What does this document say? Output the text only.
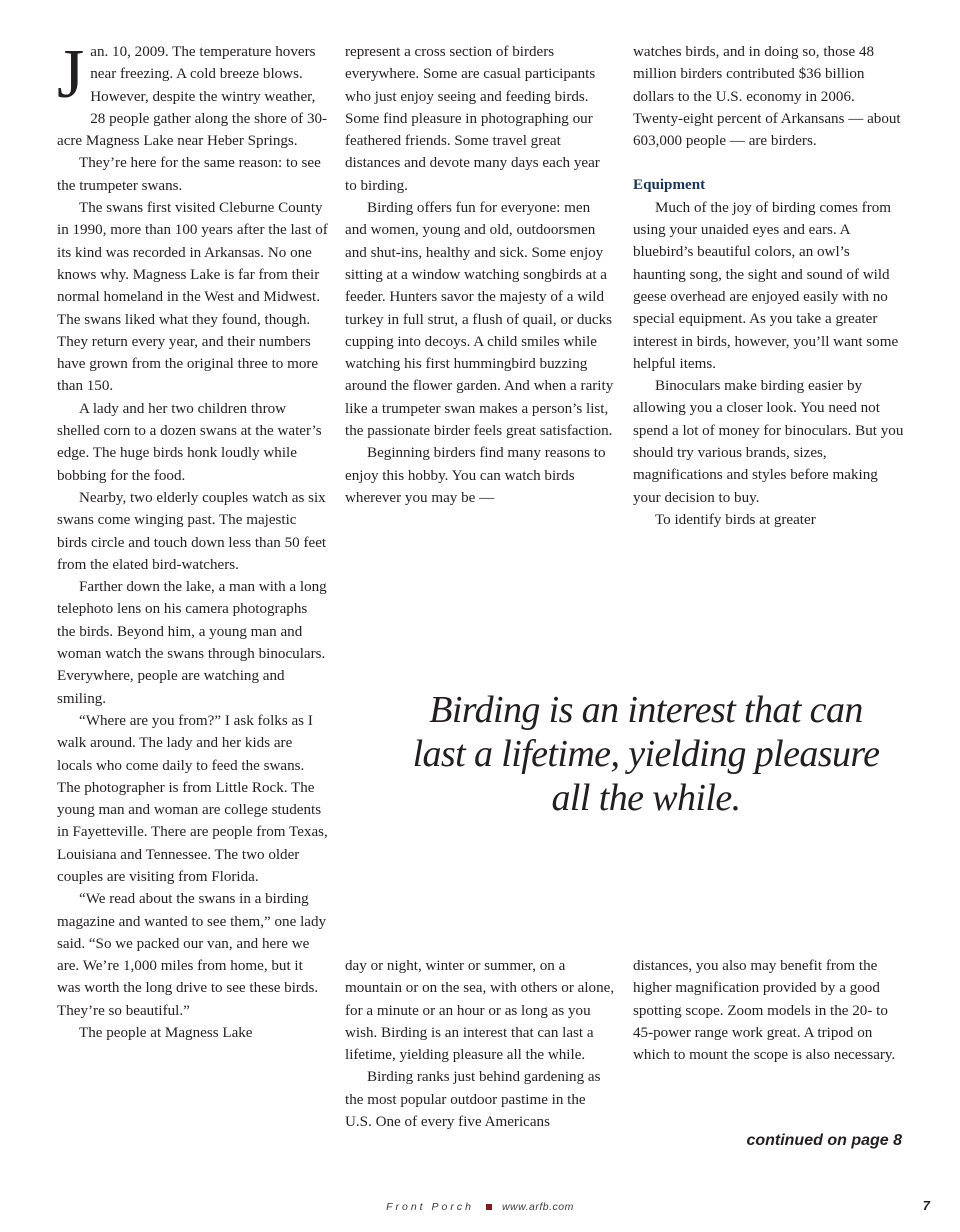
Jan. 10, 2009. The temperature hovers near freezing. A cold breeze blows. However, despite the wintry weather, 28 people gather along the shore of 30-acre Magness Lake near Heber Springs.

They’re here for the same reason: to see the trumpeter swans.

The swans first visited Cleburne County in 1990, more than 100 years after the last of its kind was recorded in Arkansas. No one knows why. Magness Lake is far from their normal homeland in the West and Midwest. The swans liked what they found, though. They return every year, and their numbers have grown from the original three to more than 150.

A lady and her two children throw shelled corn to a dozen swans at the water’s edge. The huge birds honk loudly while bobbing for the food.

Nearby, two elderly couples watch as six swans come winging past. The majestic birds circle and touch down less than 50 feet from the elated bird-watchers.

Farther down the lake, a man with a long telephoto lens on his camera photographs the birds. Beyond him, a young man and woman watch the swans through binoculars. Everywhere, people are watching and smiling.

“Where are you from?” I ask folks as I walk around. The lady and her kids are locals who come daily to feed the swans. The photographer is from Little Rock. The young man and woman are college students in Fayetteville. There are people from Texas, Louisiana and Tennessee. The two older couples are visiting from Florida.

“We read about the swans in a birding magazine and wanted to see them,” one lady said. “So we packed our van, and here we are. We’re 1,000 miles from home, but it was worth the long drive to see these birds. They’re so beautiful.”

The people at Magness Lake

represent a cross section of birders everywhere. Some are casual participants who just enjoy seeing and feeding birds. Some find pleasure in photographing our feathered friends. Some travel great distances and devote many days each year to birding.

Birding offers fun for everyone: men and women, young and old, outdoorsmen and shut-ins, healthy and sick. Some enjoy sitting at a window watching songbirds at a feeder. Hunters savor the majesty of a wild turkey in full strut, a flush of quail, or ducks cupping into decoys. A child smiles while watching his first hummingbird buzzing around the flower garden. And when a rarity like a trumpeter swan makes a person’s list, the passionate birder feels great satisfaction.

Beginning birders find many reasons to enjoy this hobby. You can watch birds wherever you may be —

watches birds, and in doing so, those 48 million birders contributed $36 billion dollars to the U.S. economy in 2006. Twenty-eight percent of Arkansans — about 603,000 people — are birders.

Equipment

Much of the joy of birding comes from using your unaided eyes and ears. A bluebird’s beautiful colors, an owl’s haunting song, the sight and sound of wild geese overhead are enjoyed easily with no special equipment. As you take a greater interest in birds, however, you’ll want some helpful items.

Binoculars make birding easier by allowing you a closer look. You need not spend a lot of money for binoculars. But you should try various brands, sizes, magnifications and styles before making your decision to buy.

To identify birds at greater

Birding is an interest that can last a lifetime, yielding pleasure all the while.

day or night, winter or summer, on a mountain or on the sea, with others or alone, for a minute or an hour or as long as you wish. Birding is an interest that can last a lifetime, yielding pleasure all the while.

Birding ranks just behind gardening as the most popular outdoor pastime in the U.S. One of every five Americans

distances, you also may benefit from the higher magnification provided by a good spotting scope. Zoom models in the 20- to 45-power range work great. A tripod on which to mount the scope is also necessary.

continued on page 8
Front Porch	www.arfb.com	7
